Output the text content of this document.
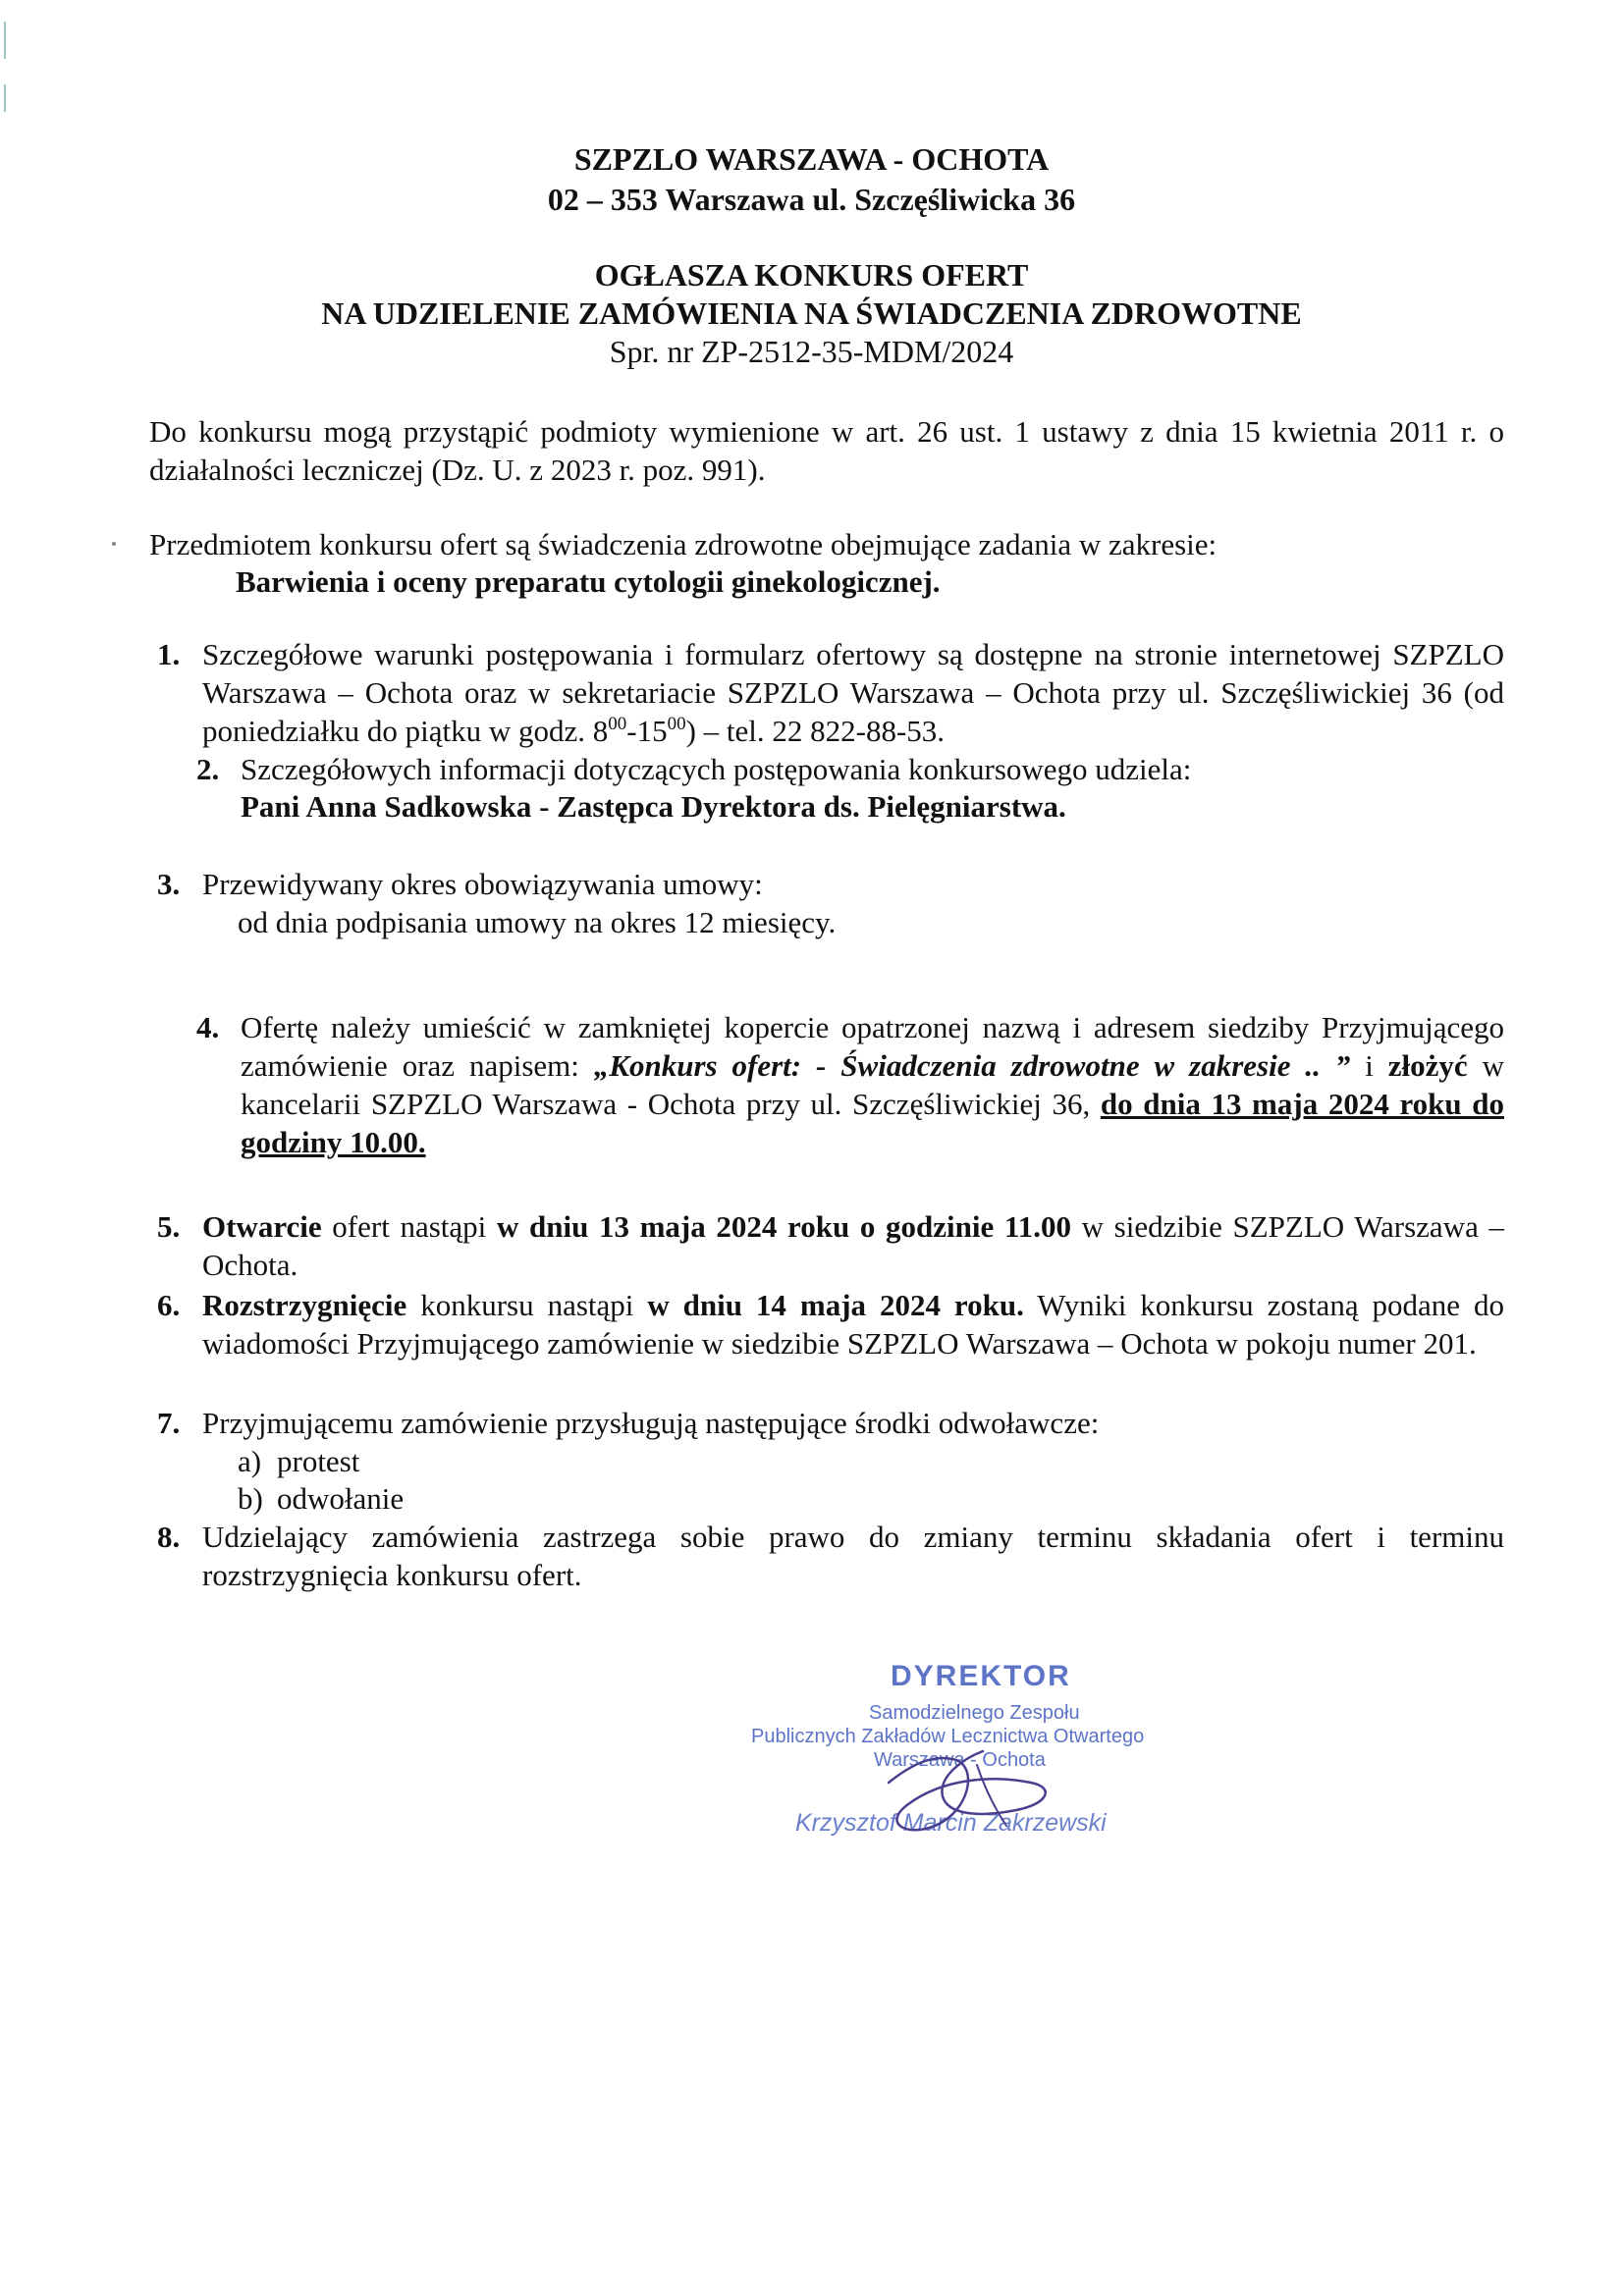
SZPZLO WARSZAWA - OCHOTA
02 – 353 Warszawa ul. Szczęśliwicka 36
OGŁASZA KONKURS OFERT
NA UDZIELENIE ZAMÓWIENIA NA ŚWIADCZENIA ZDROWOTNE
Spr. nr ZP-2512-35-MDM/2024
Do konkursu mogą przystąpić podmioty wymienione w art. 26 ust. 1 ustawy z dnia 15 kwietnia 2011 r. o działalności leczniczej (Dz. U. z 2023 r. poz. 991).
Przedmiotem konkursu ofert są świadczenia zdrowotne obejmujące zadania w zakresie:
Barwienia i oceny preparatu cytologii ginekologicznej.
1. Szczegółowe warunki postępowania i formularz ofertowy są dostępne na stronie internetowej SZPZLO Warszawa – Ochota oraz w sekretariacie SZPZLO Warszawa – Ochota przy ul. Szczęśliwickiej 36 (od poniedziałku do piątku w godz. $8^{00}-15^{00}$) – tel. 22 822-88-53.
2. Szczegółowych informacji dotyczących postępowania konkursowego udziela:
Pani Anna Sadkowska - Zastępca Dyrektora ds. Pielęgniarstwa.
3. Przewidywany okres obowiązywania umowy:
od dnia podpisania umowy na okres 12 miesięcy.
4. Ofertę należy umieścić w zamkniętej kopercie opatrzonej nazwą i adresem siedziby Przyjmującego zamówienie oraz napisem: „Konkurs ofert: - Świadczenia zdrowotne w zakresie .. ” i złożyć w kancelarii SZPZLO Warszawa - Ochota przy ul. Szczęśliwickiej 36, do dnia 13 maja 2024 roku do godziny 10.00.
5. Otwarcie ofert nastąpi w dniu 13 maja 2024 roku o godzinie 11.00 w siedzibie SZPZLO Warszawa – Ochota.
6. Rozstrzygnięcie konkursu nastąpi w dniu 14 maja 2024 roku. Wyniki konkursu zostaną podane do wiadomości Przyjmującego zamówienie w siedzibie SZPZLO Warszawa – Ochota w pokoju numer 201.
7. Przyjmującemu zamówienie przysługują następujące środki odwoławcze:
a) protest
b) odwołanie
8. Udzielający zamówienia zastrzega sobie prawo do zmiany terminu składania ofert i terminu rozstrzygnięcia konkursu ofert.
DYREKTOR
Samodzielnego Zespołu
Publicznych Zakładów Lecznictwa Otwartego
Warszawa - Ochota
Krzysztof Marcin Zakrzewski
